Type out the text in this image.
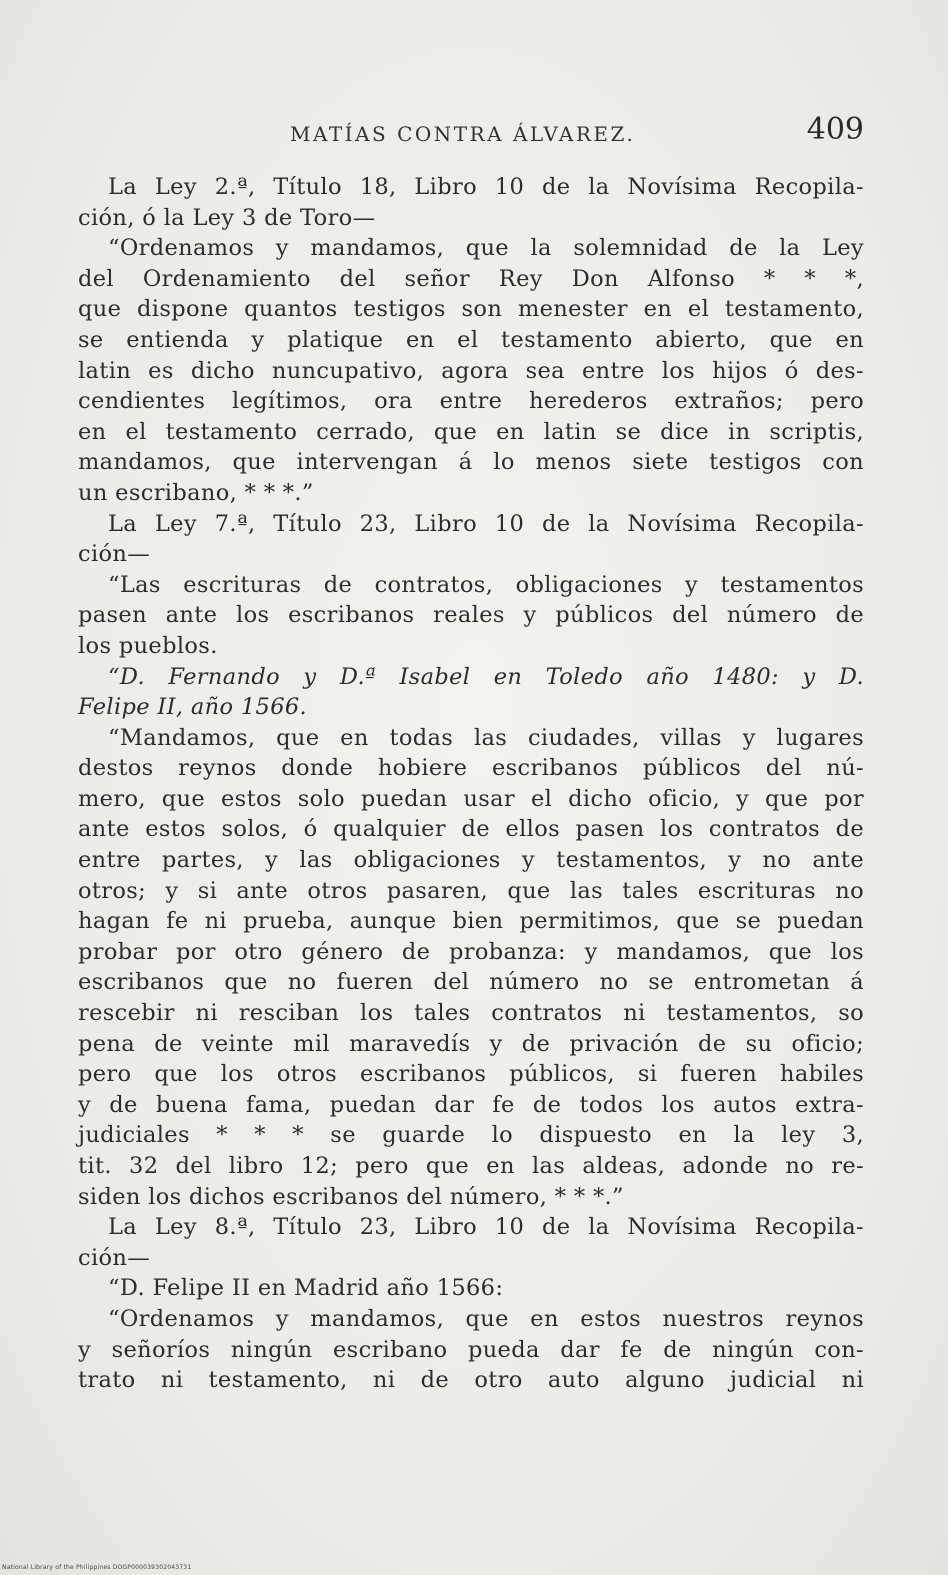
MATÍAS CONTRA ÁLVAREZ.	409
La Ley 2.ª, Título 18, Libro 10 de la Novísima Recopila-
ción, ó la Ley 3 de Toro—
“Ordenamos y mandamos, que la solemnidad de la Ley
del Ordenamiento del señor Rey Don Alfonso * * *,
que dispone quantos testigos son menester en el testamento,
se entienda y platique en el testamento abierto, que en
latin es dicho nuncupativo, agora sea entre los hijos ó des-
cendientes legítimos, ora entre herederos extraños; pero
en el testamento cerrado, que en latin se dice in scriptis,
mandamos, que intervengan á lo menos siete testigos con
un escribano, * * *.”
La Ley 7.ª, Título 23, Libro 10 de la Novísima Recopila-
ción—
“Las escrituras de contratos, obligaciones y testamentos
pasen ante los escribanos reales y públicos del número de
los pueblos.
“D. Fernando y D.ª Isabel en Toledo año 1480: y D.
Felipe II, año 1566.
“Mandamos, que en todas las ciudades, villas y lugares
destos reynos donde hobiere escribanos públicos del nú-
mero, que estos solo puedan usar el dicho oficio, y que por
ante estos solos, ó qualquier de ellos pasen los contratos de
entre partes, y las obligaciones y testamentos, y no ante
otros; y si ante otros pasaren, que las tales escrituras no
hagan fe ni prueba, aunque bien permitimos, que se puedan
probar por otro género de probanza: y mandamos, que los
escribanos que no fueren del número no se entrometan á
rescebir ni resciban los tales contratos ni testamentos, so
pena de veinte mil maravedís y de privación de su oficio;
pero que los otros escribanos públicos, si fueren habiles
y de buena fama, puedan dar fe de todos los autos extra-
judiciales * * * se guarde lo dispuesto en la ley 3,
tit. 32 del libro 12; pero que en las aldeas, adonde no re-
siden los dichos escribanos del número, * * *.”
La Ley 8.ª, Título 23, Libro 10 de la Novísima Recopila-
ción—
“D. Felipe II en Madrid año 1566:
“Ordenamos y mandamos, que en estos nuestros reynos
y señoríos ningún escribano pueda dar fe de ningún con-
trato ni testamento, ni de otro auto alguno judicial ni
National Library of the Philippines DOGP000039302043731
